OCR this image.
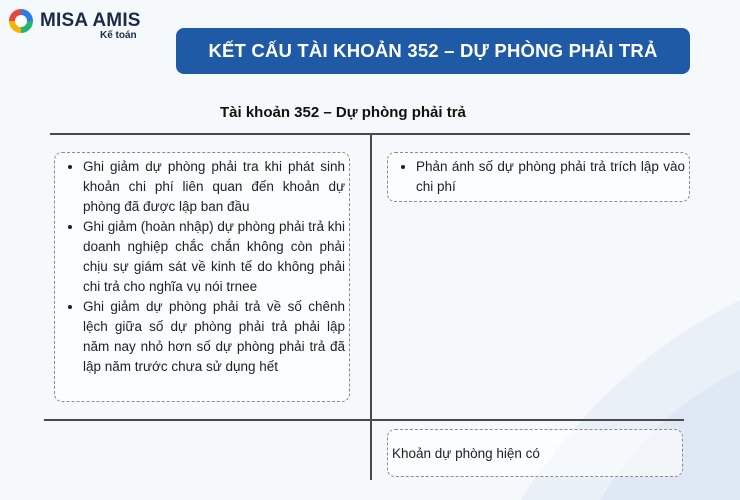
MISA AMIS
Kế toán
KẾT CẤU TÀI KHOẢN 352 – DỰ PHÒNG PHẢI TRẢ
Tài khoản 352 – Dự phòng phải trả
• Ghi giảm dự phòng phải tra khi phát sinh khoản chi phí liên quan đến khoản dự phòng đã được lập ban đầu
• Ghi giảm (hoàn nhập) dự phòng phải trả khi doanh nghiệp chắc chắn không còn phải chịu sự giám sát về kinh tế do không phải chi trả cho nghĩa vụ nói trnee
• Ghi giảm dự phòng phải trả về số chênh lệch giữa số dự phòng phải trả phải lập năm nay nhỏ hơn số dự phòng phải trả đã lập năm trước chưa sử dụng hết
• Phản ánh số dự phòng phải trả trích lập vào chi phí
Khoản dự phòng hiện có
